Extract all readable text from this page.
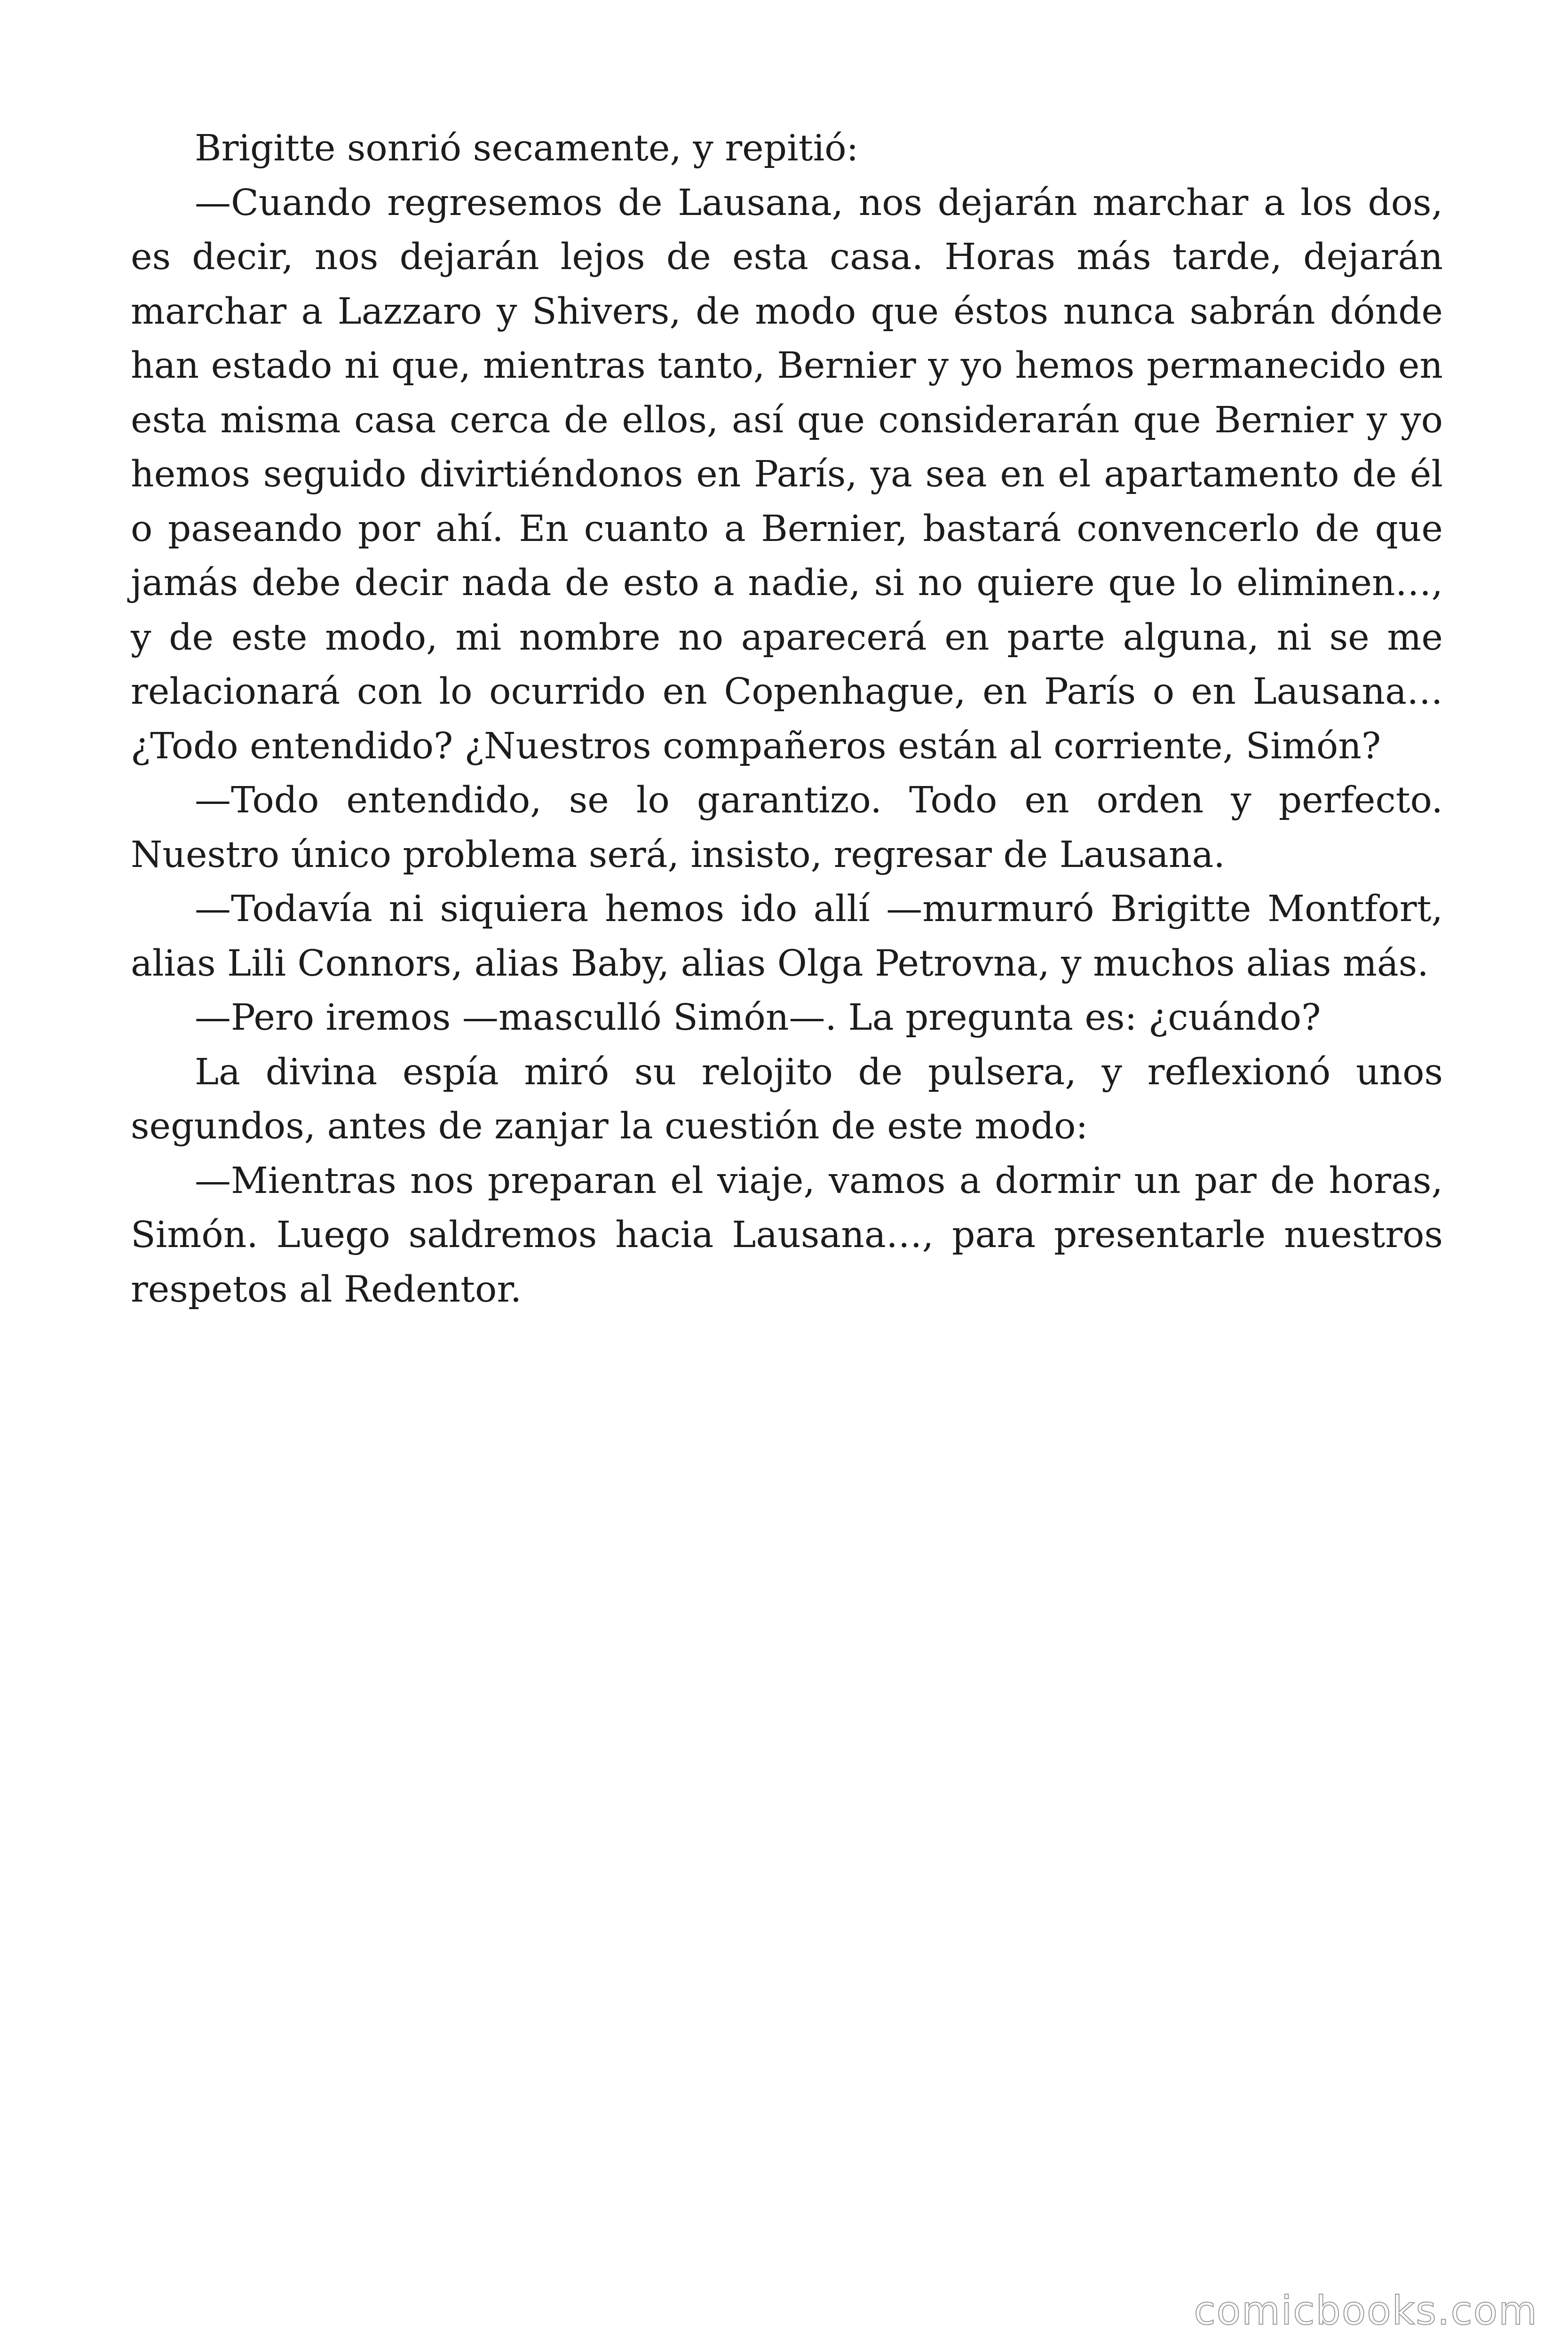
Brigitte sonrió secamente, y repitió:

—Cuando regresemos de Lausana, nos dejarán marchar a los dos, es decir, nos dejarán lejos de esta casa. Horas más tarde, dejarán marchar a Lazzaro y Shivers, de modo que éstos nunca sabrán dónde han estado ni que, mientras tanto, Bernier y yo hemos permanecido en esta misma casa cerca de ellos, así que considerarán que Bernier y yo hemos seguido divirtiéndonos en París, ya sea en el apartamento de él o paseando por ahí. En cuanto a Bernier, bastará convencerlo de que jamás debe decir nada de esto a nadie, si no quiere que lo eliminen…, y de este modo, mi nombre no aparecerá en parte alguna, ni se me relacionará con lo ocurrido en Copenhague, en París o en Lausana… ¿Todo entendido? ¿Nuestros compañeros están al corriente, Simón?

—Todo entendido, se lo garantizo. Todo en orden y perfecto. Nuestro único problema será, insisto, regresar de Lausana.

—Todavía ni siquiera hemos ido allí —murmuró Brigitte Montfort, alias Lili Connors, alias Baby, alias Olga Petrovna, y muchos alias más.

—Pero iremos —masculló Simón—. La pregunta es: ¿cuándo?

La divina espía miró su relojito de pulsera, y reflexionó unos segundos, antes de zanjar la cuestión de este modo:

—Mientras nos preparan el viaje, vamos a dormir un par de horas, Simón. Luego saldremos hacia Lausana…, para presentarle nuestros respetos al Redentor.

comicbooks.com
